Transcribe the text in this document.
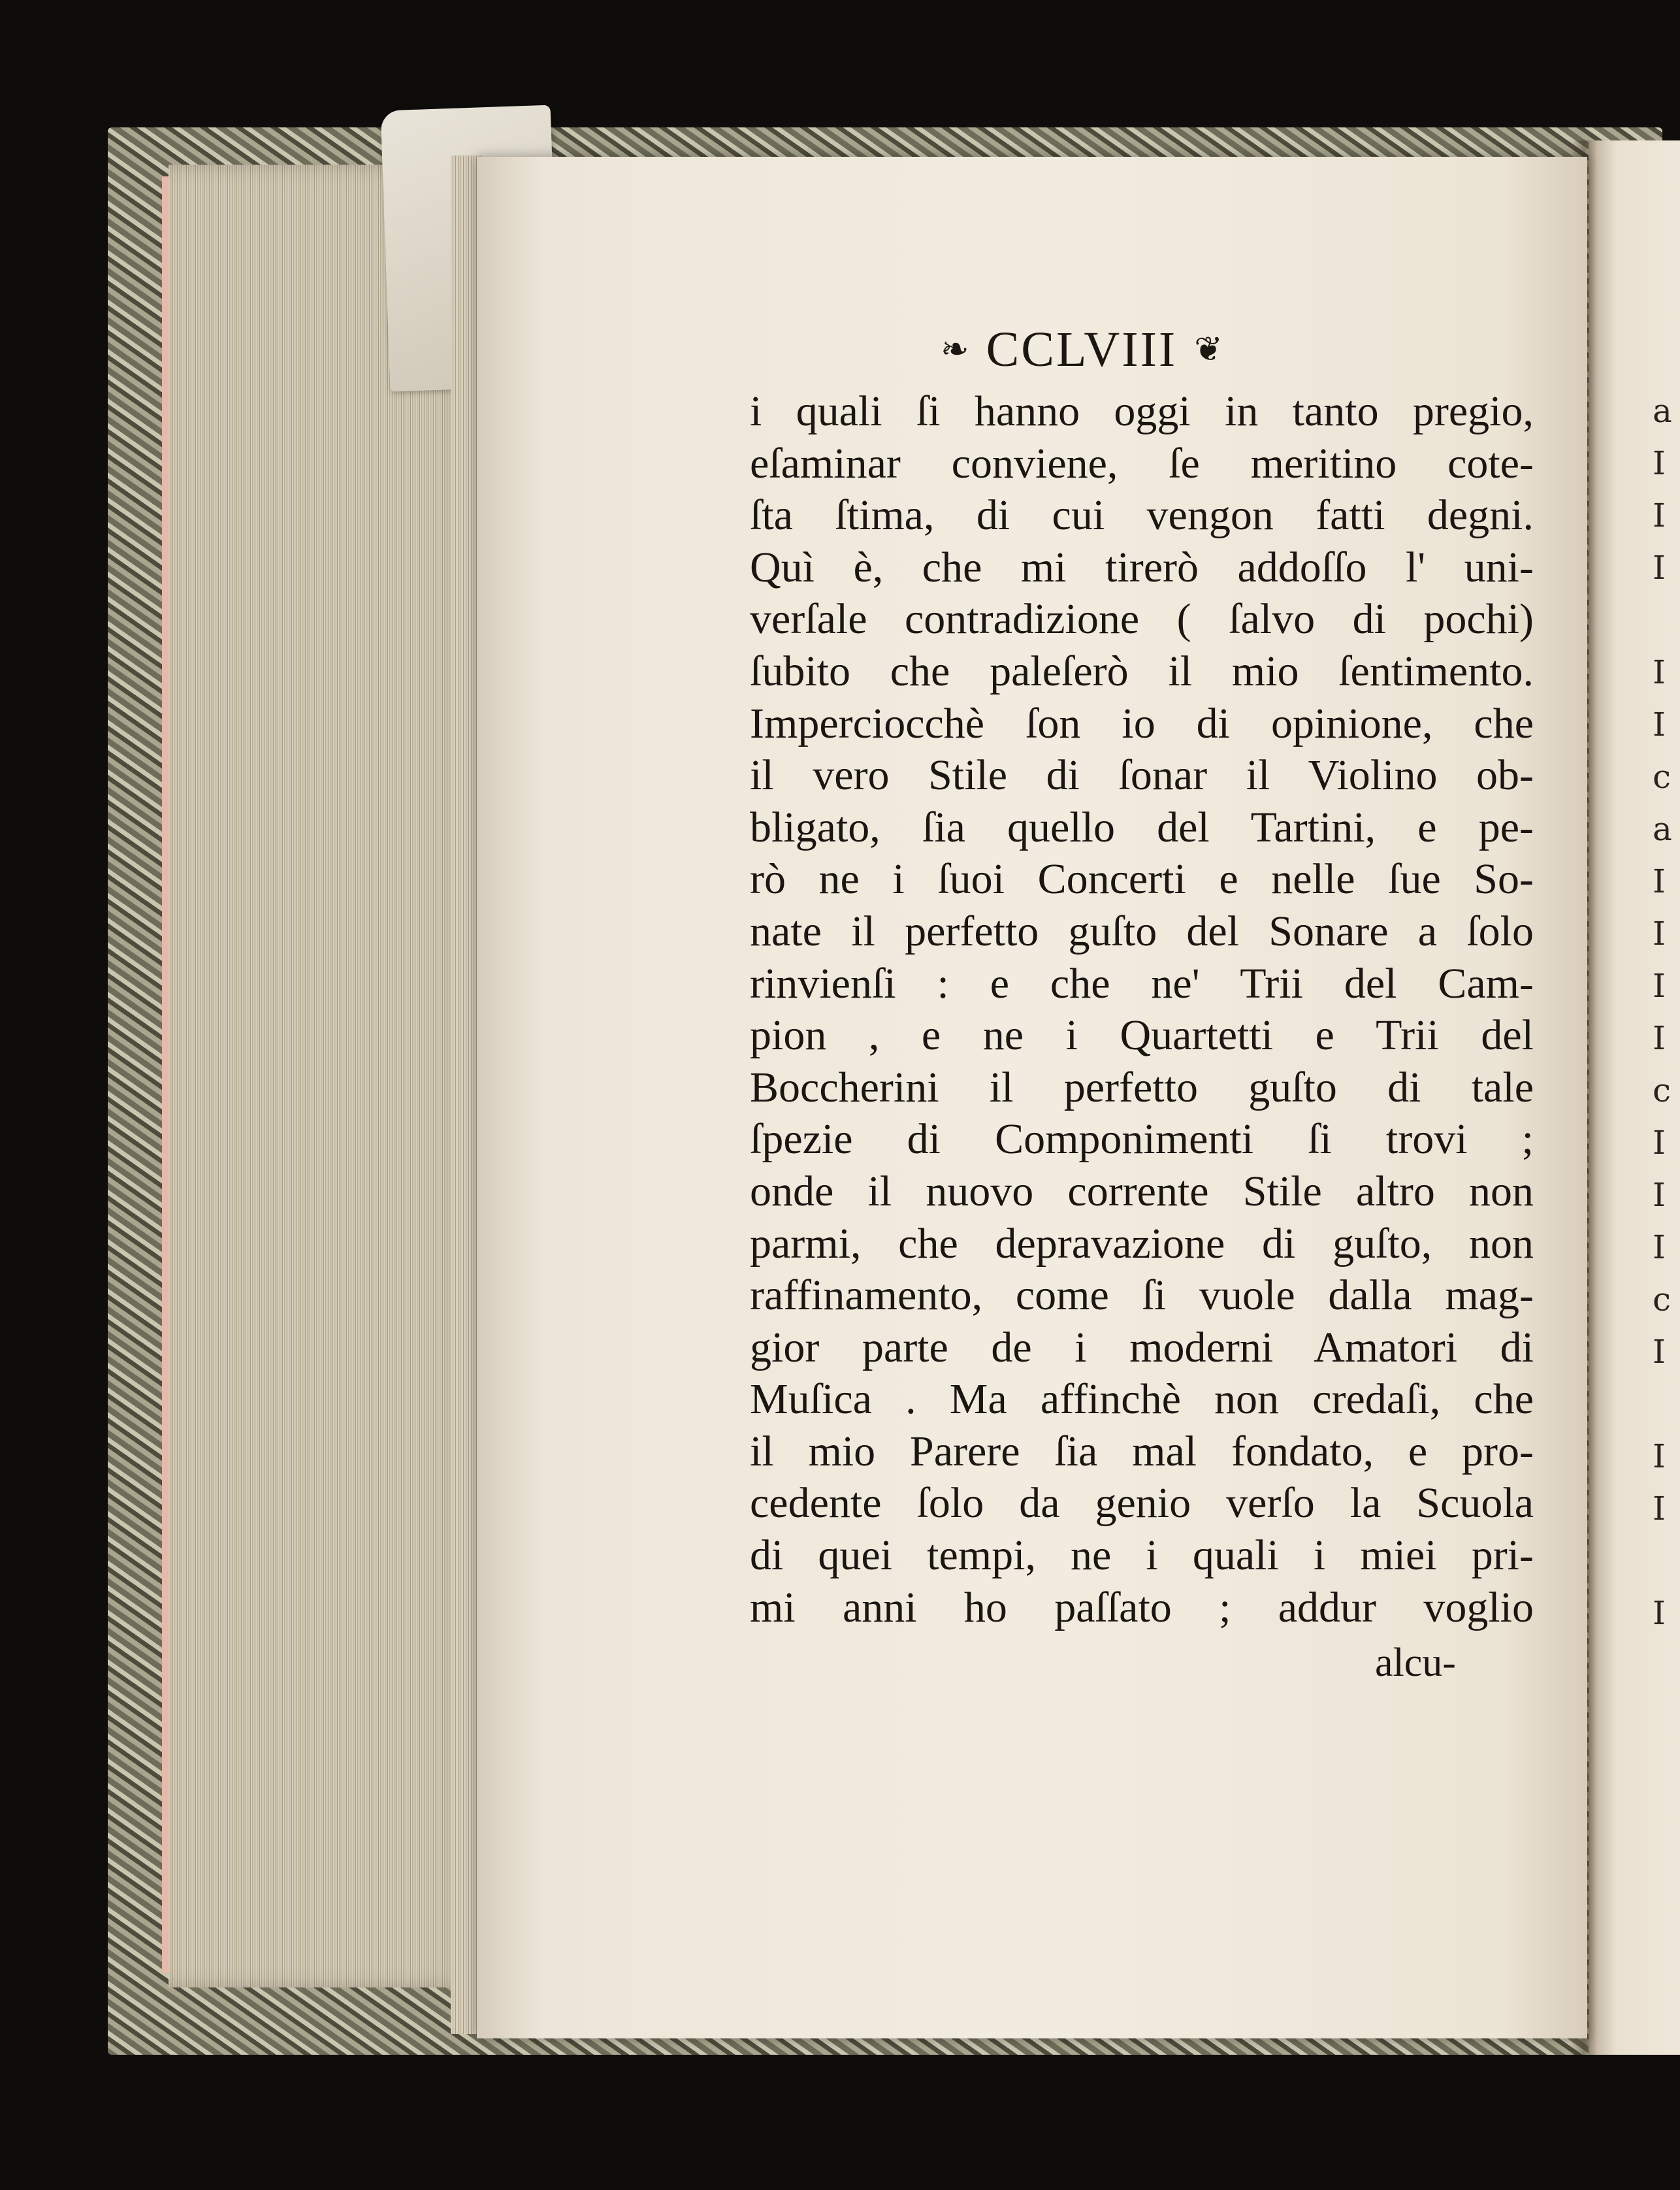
a
I
I
I
I
I
c
a
I
I
I
I
c
I
I
I
c
I
I
I
I
❧ CCLVIII ❦
i quali ſi hanno oggi in tanto pregio,
eſaminar conviene, ſe meritino cote-
ſta ſtima, di cui vengon fatti degni.
Quì è, che mi tirerò addoſſo l' uni-
verſale contradizione ( ſalvo di pochi)
ſubito che paleſerò il mio ſentimento.
Imperciocchè ſon io di opinione, che
il vero Stile di ſonar il Violino ob-
bligato, ſia quello del Tartini, e pe-
rò ne i ſuoi Concerti e nelle ſue So-
nate il perfetto guſto del Sonare a ſolo
rinvienſi : e che ne' Trii del Cam-
pion , e ne i Quartetti e Trii del
Boccherini il perfetto guſto di tale
ſpezie di Componimenti ſi trovi ;
onde il nuovo corrente Stile altro non
parmi, che depravazione di guſto, non
raffinamento, come ſi vuole dalla mag-
gior parte de i moderni Amatori di
Muſica . Ma affinchè non credaſi, che
il mio Parere ſia mal fondato, e pro-
cedente ſolo da genio verſo la Scuola
di quei tempi, ne i quali i miei pri-
mi anni ho paſſato ; addur voglio
alcu-
